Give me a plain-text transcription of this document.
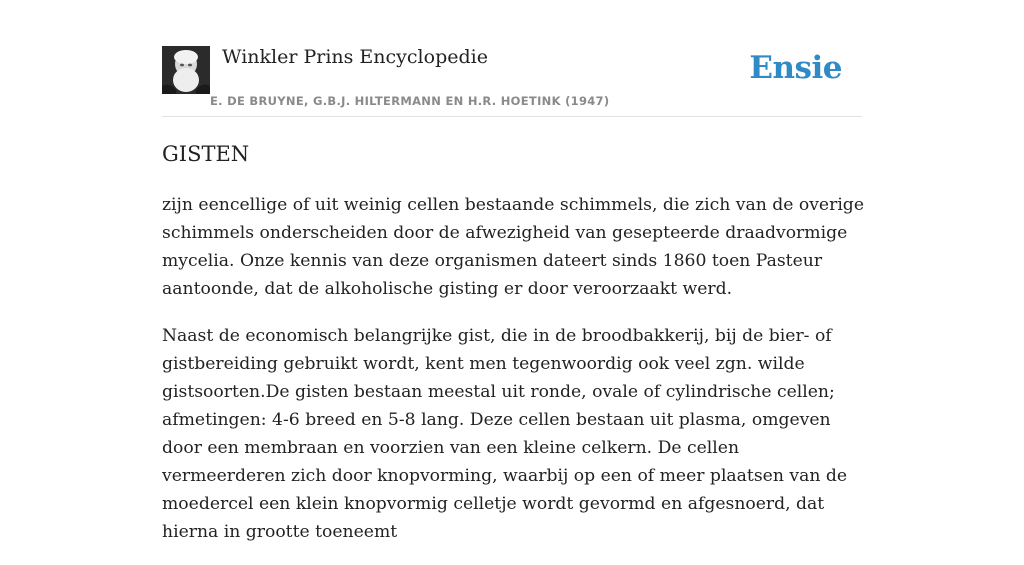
Winkler Prins Encyclopedie
E. DE BRUYNE, G.B.J. HILTERMANN EN H.R. HOETINK (1947)
Ensie
GISTEN

zijn eencellige of uit weinig cellen bestaande schimmels, die zich van de overige schimmels onderscheiden door de afwezigheid van gesepteerde draadvormige mycelia. Onze kennis van deze organismen dateert sinds 1860 toen Pasteur aantoonde, dat de alkoholische gisting er door veroorzaakt werd.

Naast de economisch belangrijke gist, die in de broodbakkerij, bij de bier- of gistbereiding gebruikt wordt, kent men tegenwoordig ook veel zgn. wilde gistsoorten.De gisten bestaan meestal uit ronde, ovale of cylindrische cellen; afmetingen: 4-6 breed en 5-8 lang. Deze cellen bestaan uit plasma, omgeven door een membraan en voorzien van een kleine celkern. De cellen vermeerderen zich door knopvorming, waarbij op een of meer plaatsen van de moedercel een klein knopvormig celletje wordt gevormd en afgesnoerd, dat hierna in grootte toeneemt
